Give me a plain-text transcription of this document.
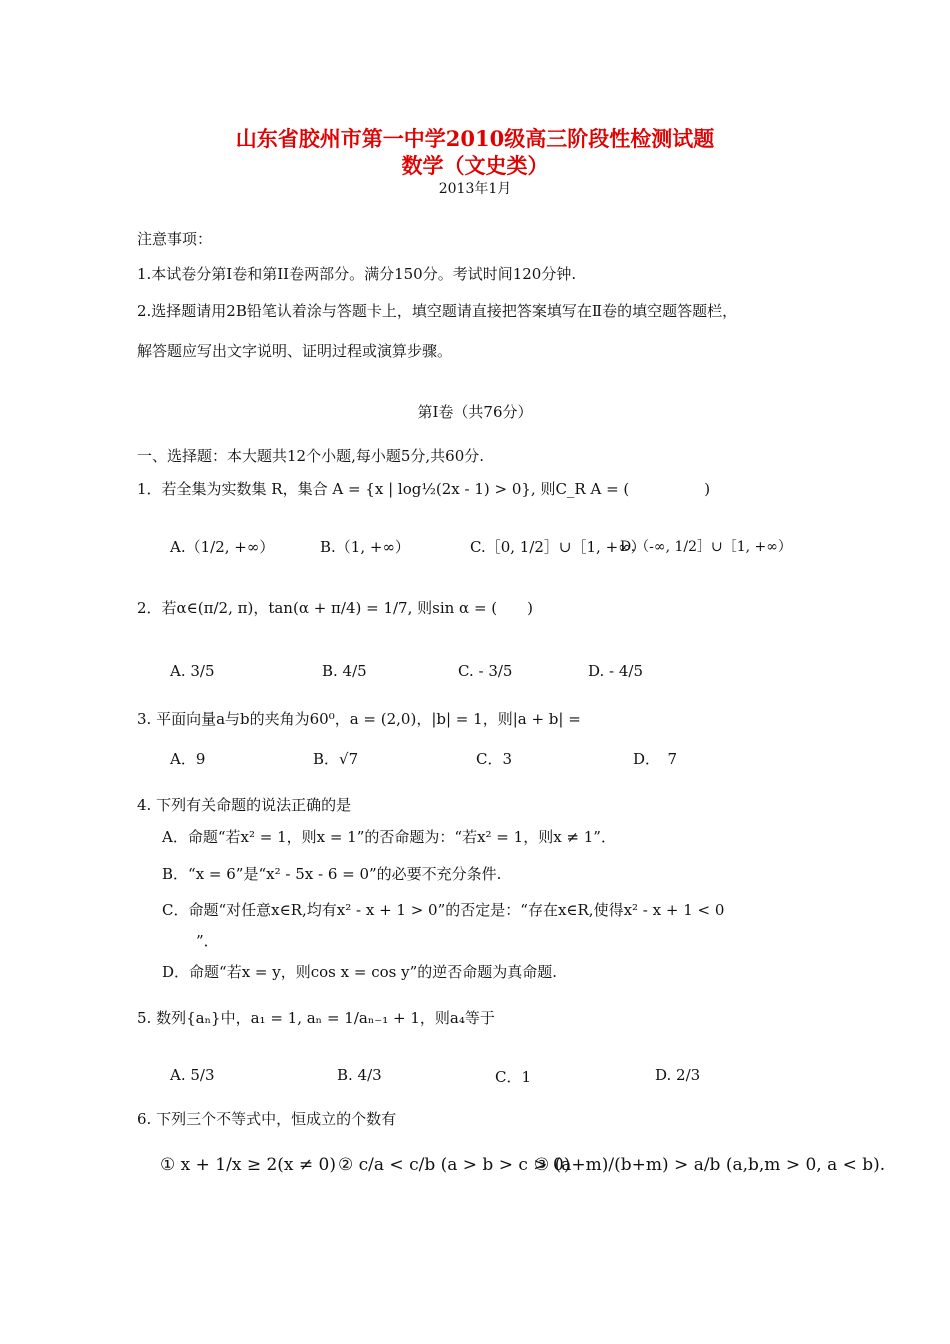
山东省胶州市第一中学2010级高三阶段性检测试题
数学（文史类）
2013年1月
注意事项：
1.本试卷分第I卷和第II卷两部分。满分150分。考试时间120分钟.
2.选择题请用2B铅笔认着涂与答题卡上，填空题请直接把答案填写在Ⅱ卷的填空题答题栏，
解答题应写出文字说明、证明过程或演算步骤。
第Ⅰ卷（共76分）
一、选择题：本大题共12个小题,每小题5分,共60分.
1．若全集为实数集 R，集合 A = {x | log½(2x - 1) > 0}, 则C_R A = (　　　　　)
A.（1/2, +∞）	B.（1, +∞）	C.［0, 1/2］∪［1, +∞）
D.（-∞, 1/2］∪［1, +∞）
2．若α∈(π/2, π)，tan(α + π/4) = 1/7, 则sin α = (　　)
A. 3/5	B. 4/5	C. - 3/5	D. - 4/5
3. 平面向量a与b的夹角为60⁰，a = (2,0)，|b| = 1，则|a + b| =
A．9	B．√7	C．3	D．　7
4. 下列有关命题的说法正确的是
A．命题“若x² = 1，则x = 1”的否命题为：“若x² = 1，则x ≠ 1”．
B．“x = 6”是“x² - 5x - 6 = 0”的必要不充分条件.
C．命题“对任意x∈R,均有x² - x + 1 > 0”的否定是：“存在x∈R,使得x² - x + 1 < 0
”．
D．命题“若x = y，则cos x = cos y”的逆否命题为真命题.
5. 数列{aₙ}中，a₁ = 1, aₙ = 1/aₙ₋₁ + 1，则a₄等于
A. 5/3	B. 4/3	C．1	D. 2/3
6. 下列三个不等式中，恒成立的个数有
① x + 1/x ≥ 2(x ≠ 0) ② c/a < c/b (a > b > c > 0)
③ (a+m)/(b+m) > a/b (a,b,m > 0, a < b).
